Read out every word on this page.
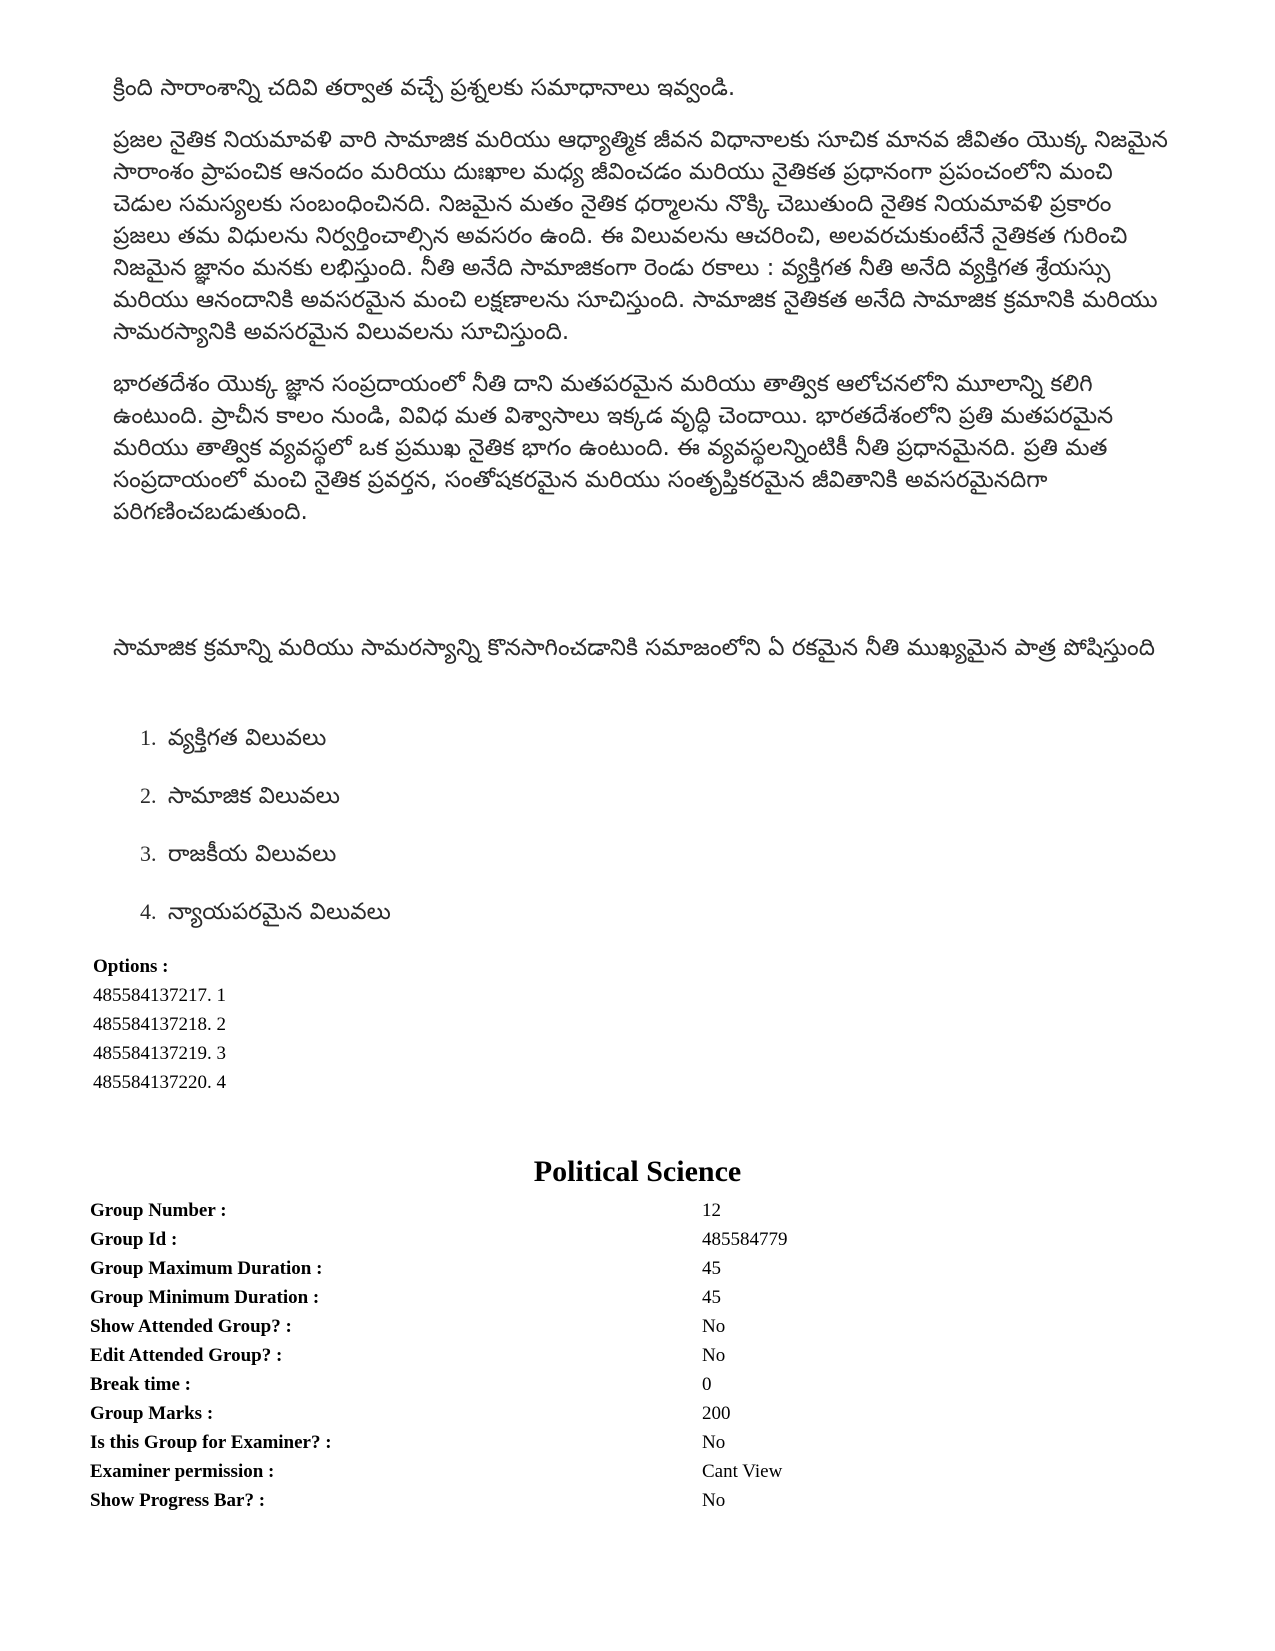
క్రింది సారాంశాన్ని చదివి తర్వాత వచ్చే ప్రశ్నలకు సమాధానాలు ఇవ్వండి.

ప్రజల నైతిక నియమావళి వారి సామాజిక మరియు ఆధ్యాత్మిక జీవన విధానాలకు సూచిక మానవ జీవితం యొక్క నిజమైన సారాంశం ప్రాపంచిక ఆనందం మరియు దుఃఖాల మధ్య జీవించడం మరియు నైతికత ప్రధానంగా ప్రపంచంలోని మంచి చెడుల సమస్యలకు సంబంధించినది. నిజమైన మతం నైతిక ధర్మాలను నొక్కి చెబుతుంది నైతిక నియమావళి ప్రకారం ప్రజలు తమ విధులను నిర్వర్తించాల్సిన అవసరం ఉంది. ఈ విలువలను ఆచరించి, అలవరచుకుంటేనే నైతికత గురించి నిజమైన జ్ఞానం మనకు లభిస్తుంది. నీతి అనేది సామాజికంగా రెండు రకాలు : వ్యక్తిగత నీతి అనేది వ్యక్తిగత శ్రేయస్సు మరియు ఆనందానికి అవసరమైన మంచి లక్షణాలను సూచిస్తుంది. సామాజిక నైతికత అనేది సామాజిక క్రమానికి మరియు సామరస్యానికి అవసరమైన విలువలను సూచిస్తుంది.

భారతదేశం యొక్క జ్ఞాన సంప్రదాయంలో నీతి దాని మతపరమైన మరియు తాత్విక ఆలోచనలోని మూలాన్ని కలిగి ఉంటుంది. ప్రాచీన కాలం నుండి, వివిధ మత విశ్వాసాలు ఇక్కడ వృద్ధి చెందాయి. భారతదేశంలోని ప్రతి మతపరమైన మరియు తాత్విక వ్యవస్థలో ఒక ప్రముఖ నైతిక భాగం ఉంటుంది. ఈ వ్యవస్థలన్నింటికీ నీతి ప్రధానమైనది. ప్రతి మత సంప్రదాయంలో మంచి నైతిక ప్రవర్తన, సంతోషకరమైన మరియు సంతృప్తికరమైన జీవితానికి అవసరమైనదిగా పరిగణించబడుతుంది.

సామాజిక క్రమాన్ని మరియు సామరస్యాన్ని కొనసాగించడానికి సమాజంలోని ఏ రకమైన నీతి ముఖ్యమైన పాత్ర పోషిస్తుంది

1. వ్యక్తిగత విలువలు
2. సామాజిక విలువలు
3. రాజకీయ విలువలు
4. న్యాయపరమైన విలువలు
Options :
485584137217. 1
485584137218. 2
485584137219. 3
485584137220. 4
Political Science
Group Number :	12
Group Id :	485584779
Group Maximum Duration :	45
Group Minimum Duration :	45
Show Attended Group? :	No
Edit Attended Group? :	No
Break time :	0
Group Marks :	200
Is this Group for Examiner? :	No
Examiner permission :	Cant View
Show Progress Bar? :	No
